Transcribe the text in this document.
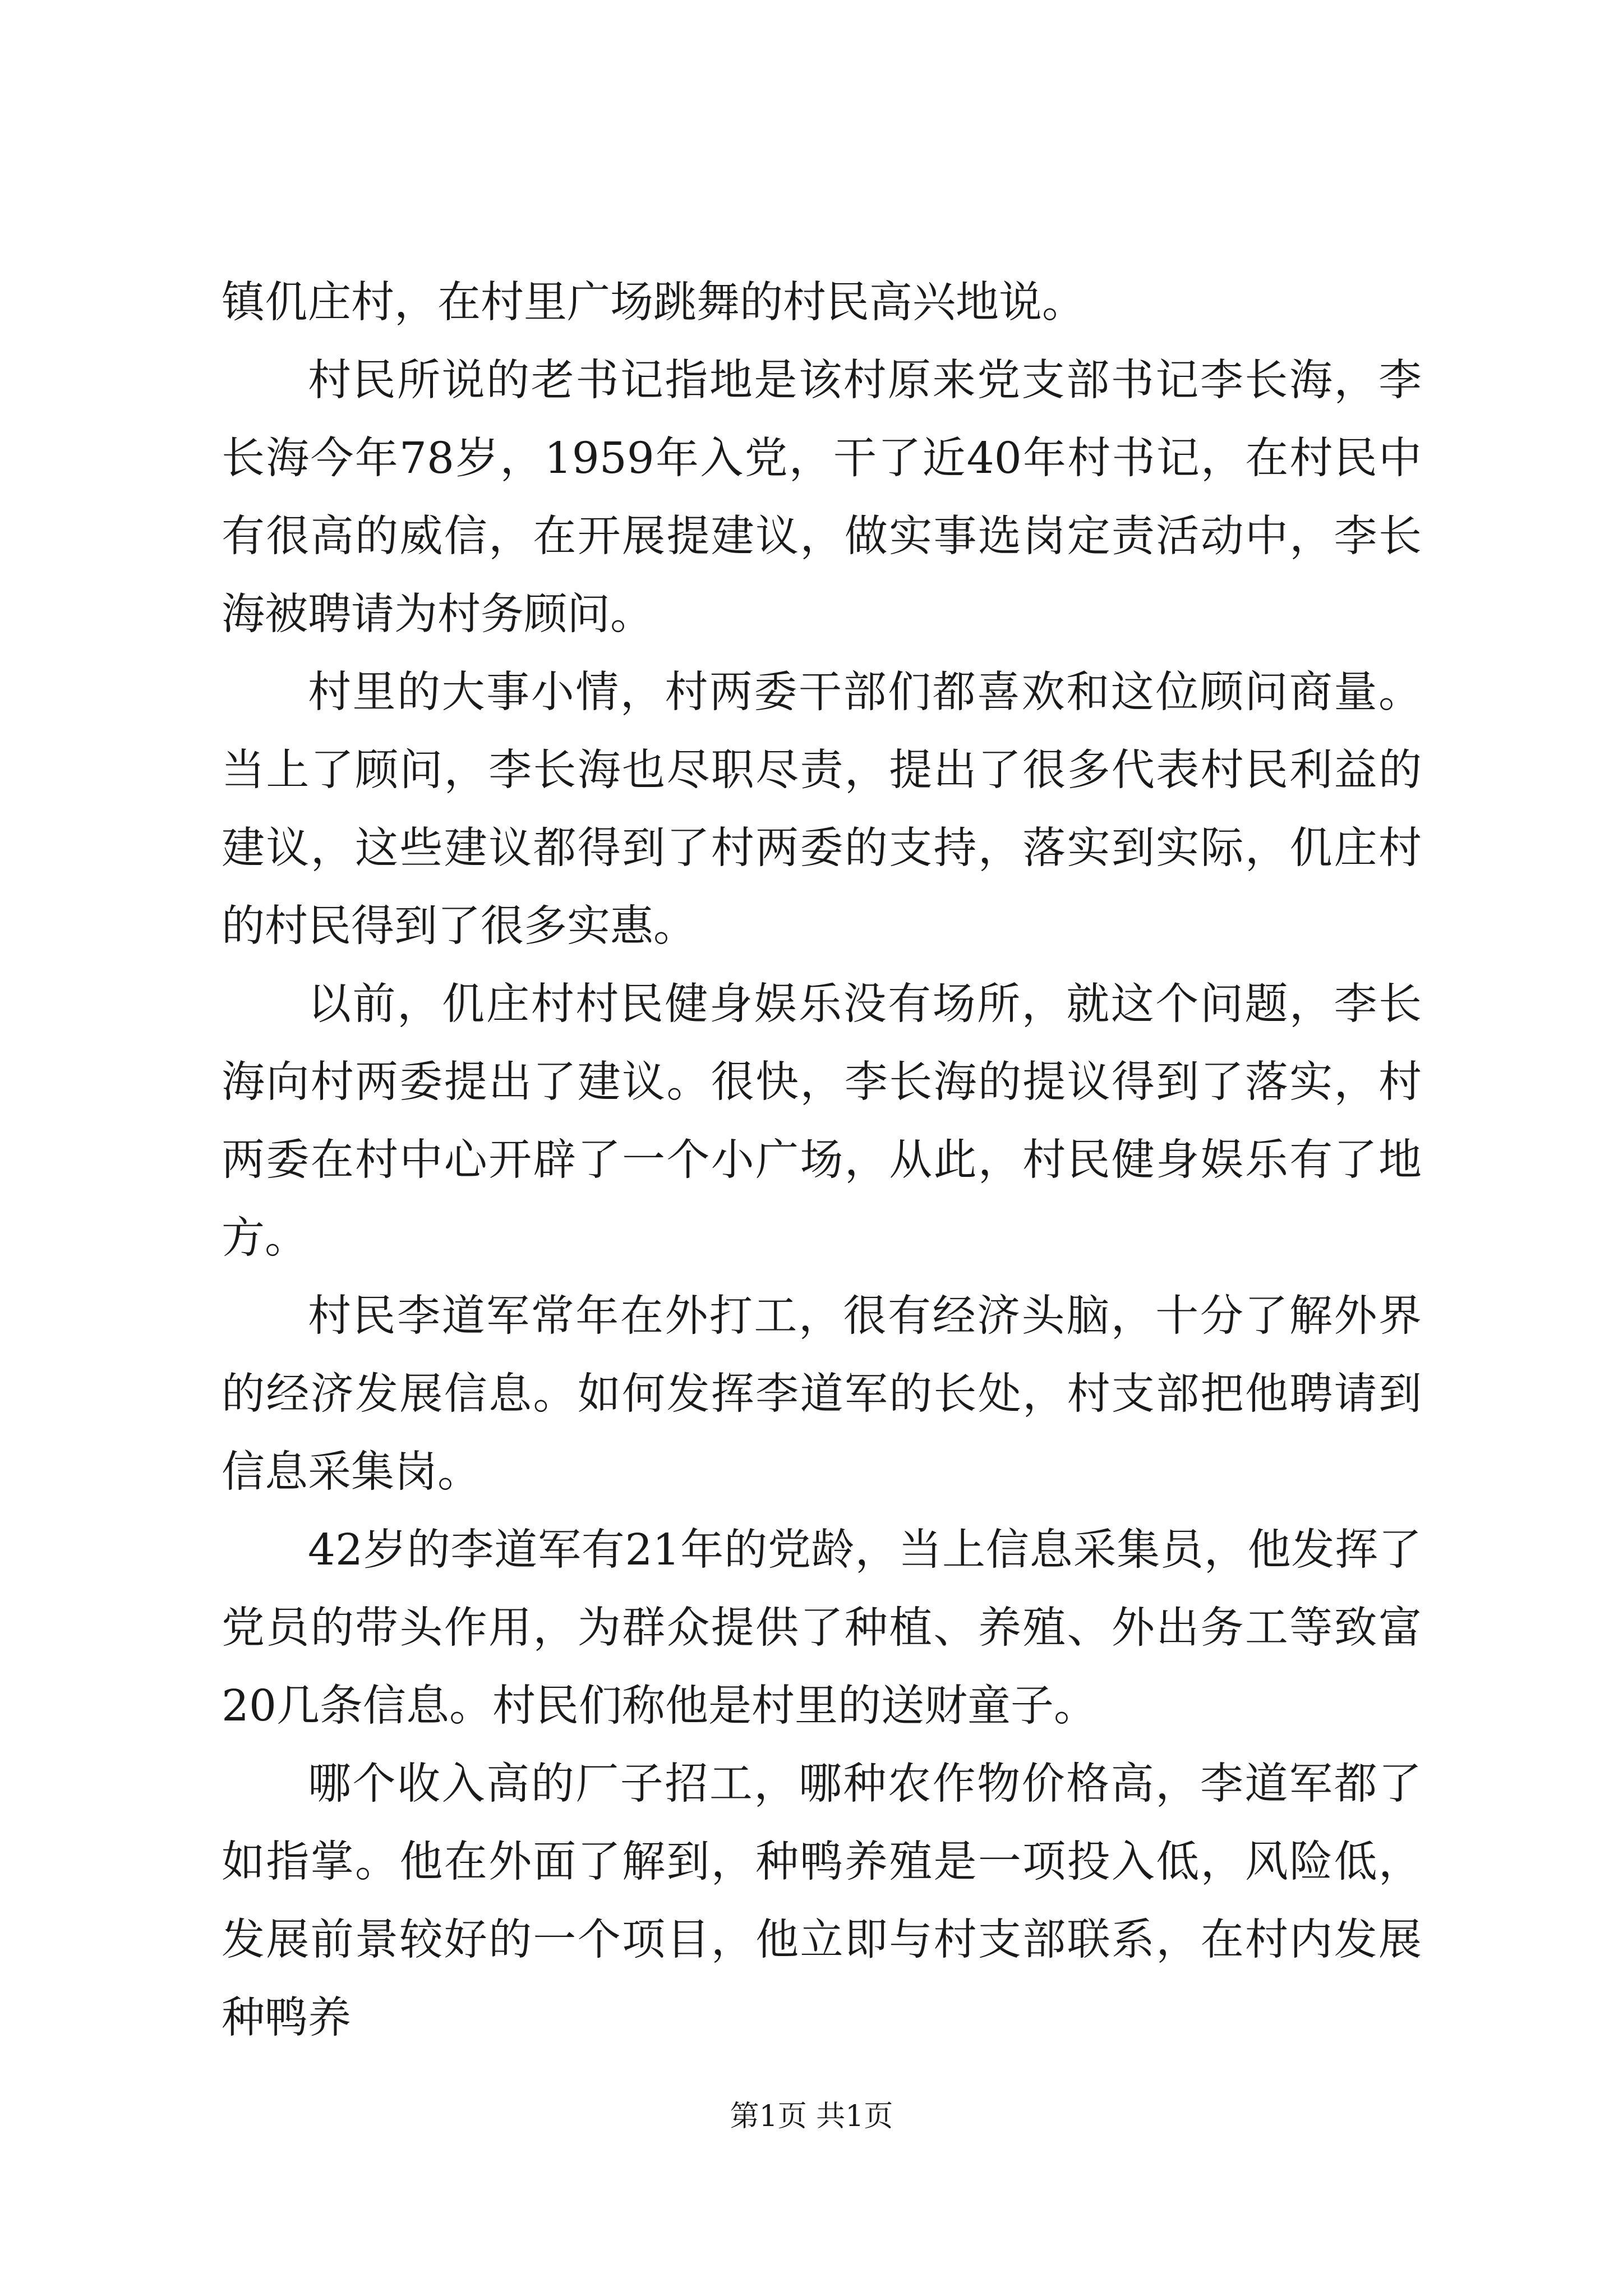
镇仉庄村，在村里广场跳舞的村民高兴地说。

村民所说的老书记指地是该村原来党支部书记李长海，李长海今年78岁，1959年入党，干了近40年村书记，在村民中有很高的威信，在开展提建议，做实事选岗定责活动中，李长海被聘请为村务顾问。

村里的大事小情，村两委干部们都喜欢和这位顾问商量。当上了顾问，李长海也尽职尽责，提出了很多代表村民利益的建议，这些建议都得到了村两委的支持，落实到实际，仉庄村的村民得到了很多实惠。

以前，仉庄村村民健身娱乐没有场所，就这个问题，李长海向村两委提出了建议。很快，李长海的提议得到了落实，村两委在村中心开辟了一个小广场，从此，村民健身娱乐有了地方。

村民李道军常年在外打工，很有经济头脑，十分了解外界的经济发展信息。如何发挥李道军的长处，村支部把他聘请到信息采集岗。

42岁的李道军有21年的党龄，当上信息采集员，他发挥了党员的带头作用，为群众提供了种植、养殖、外出务工等致富20几条信息。村民们称他是村里的送财童子。

哪个收入高的厂子招工，哪种农作物价格高，李道军都了如指掌。他在外面了解到，种鸭养殖是一项投入低，风险低，发展前景较好的一个项目，他立即与村支部联系，在村内发展种鸭养

第1页 共1页
